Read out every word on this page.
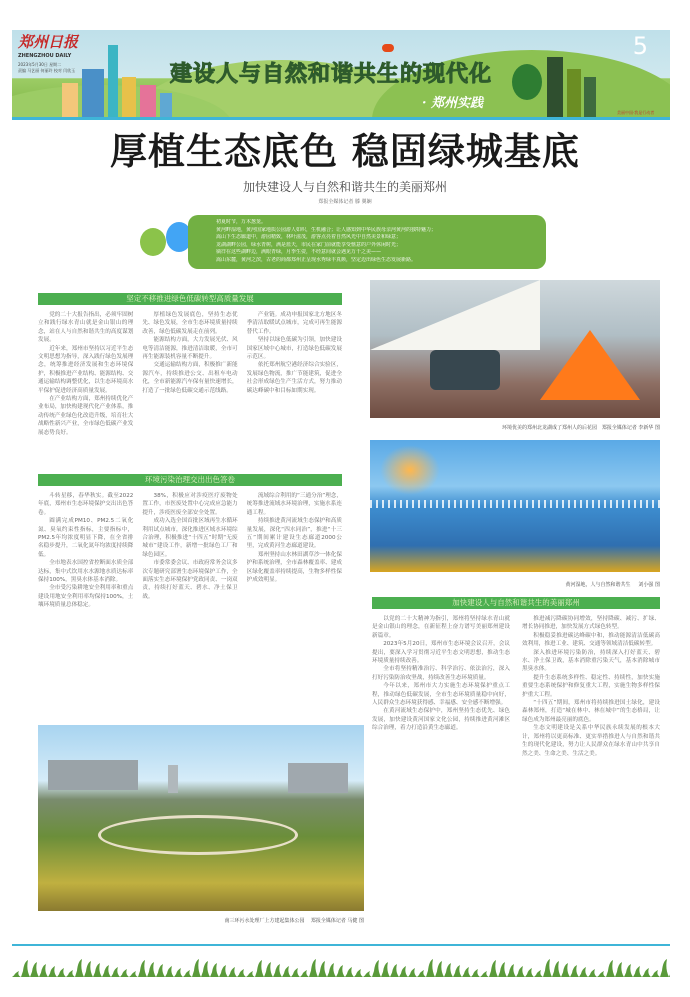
郑州日报
ZHENGZHOU DAILY
2023年5月30日 星期二
责编 马艺丽 何丽玲 校对 闫欣玉
5
建设人与自然和谐共生的现代化
· 郑州实践
美丽中国·我是行动者
厚植生态底色 稳固绿城基底
加快建设人与自然和谐共生的美丽郑州
郑报全媒体记者 滕 翼娴
初夏时节，万木葱茏。
黄河畔湿地，黄河国家地质公园游人如织，生机融合；让人感知到中华民族母亲河黄河的独特魅力；
嵩山下生态廊道中，游园精致，林叶滋茂，游客点亮着自然风光中自然美景和绿意；
龙湖湖畔公园，绿水青树，满是蓝天，市民在家门前就能享受惬意的户外休闲时光；
徜徉在这些湖畔边，满眼青绿，月季生姿，不经意间就会遇见万千之美——
嵩山东麓，黄河之滨，古老的商都郑州正呈现水秀绿丰真颜，坚定迈出绿色生态发展新路。
坚定不移推进绿色低碳转型高质量发展

党的二十大报告指出，必须牢固树立和践行绿水青山就是金山银山的理念，站在人与自然和谐共生的高度谋划发展。

近年来，郑州市坚持以习近平生态文明思想为指导，深入践行绿色发展理念，统筹推进经济发展和生态环境保护，积极推进产业结构、能源结构、交通运输结构调整优化，以生态环境高水平保护促进经济高质量发展。

在产业结构方面，郑州持续优化产业布局，加快构建现代化产业体系，推动传统产业绿色化改造升级，培育壮大战略性新兴产业，全市绿色低碳产业发展态势良好。

厚植绿色发展底色，坚持生态优先、绿色发展，全市生态环境质量持续改善，绿色低碳发展走在前列。

能源结构方面，大力发展光伏、风电等清洁能源，推进清洁取暖，全市可再生能源装机容量不断提升。

交通运输结构方面，积极推广新能源汽车，持续推进公交、出租车电动化，全市新能源汽车保有量快速增长，打造了一批绿色低碳交通示范线路。

产业链。成功申报国家北方地区冬季清洁取暖试点城市，完成可再生能源替代工作。

坚持以绿色低碳为引领，加快建设国家区域中心城市，打造绿色低碳发展示范区。

依托郑州航空港经济综合实验区，发展绿色物流，推广节能建筑，促进全社会形成绿色生产生活方式，努力推动碳达峰碳中和目标如期实现。

环境污染治理交出出色答卷

斗转星移，春华秋实。截至2022年底，郑州市生态环境保护交出出色答卷。

圆满完成PM10、PM2.5二氧化氮、臭氧约束性指标，主要指标中，PM2.5年均浓度明显下降，在全省排名稳步提升，二氧化氮年均浓度持续降低。

全市地表水国控省控断面水质全部达标，集中式饮用水水源地水质达标率保持100%，黑臭水体基本消除。

全市受污染耕地安全利用率和重点建设用地安全利用率均保持100%，土壤环境质量总体稳定。

38%，积极应对涉疫医疗废物处置工作，市医废处置中心完成应急能力提升，涉疫医废全部安全处置。

成功入选全国首批区域再生水循环利用试点城市，深化推进区域水环境综合治理，积极推进“十四五”时期“无废城市”建设工作，新增一批绿色工厂和绿色园区。

市委常委会议、市政府常务会议多次专题研究部署生态环境保护工作，全面落实生态环境保护党政同责、一岗双责，持续打好蓝天、碧水、净土保卫战。

流域综合利用的“三通分治”理念，统筹推进流域水环境治理，实施水系连通工程。

持续推进黄河流域生态保护和高质量发展，深化“四水同治”，推进“十三五”期间累计建设生态廊道2000公里，完成黄河生态廊道建设。

郑州坚持山水林田湖草沙一体化保护和系统治理，全市森林覆盖率、建成区绿化覆盖率持续提高，生物多样性保护成效明显。

环境优美的郑州北龙湖成了郑州人的后花园 郑报全媒体记者 李新华 图
黄河湿地，人与自然和谐共生 刘小强 图
加快建设人与自然和谐共生的美丽郑州

以党的二十大精神为指引，郑州将坚持绿水青山就是金山银山的理念，在新征程上奋力谱写美丽郑州建设新篇章。

2023年5月20日，郑州市生态环境会议召开，会议提出，要深入学习贯彻习近平生态文明思想，推动生态环境质量持续改善。

全市将坚持精准治污、科学治污、依法治污，深入打好污染防治攻坚战，持续改善生态环境质量。

今年以来，郑州市大力实施生态环境保护重点工程，推动绿色低碳发展，全市生态环境质量稳中向好，人民群众生态环境获得感、幸福感、安全感不断增强。

在黄河流域生态保护中，郑州坚持生态优先、绿色发展，加快建设黄河国家文化公园，持续推进黄河滩区综合治理，着力打造沿黄生态廊道。

推进减污降碳协同增效，坚持降碳、减污、扩绿、增长协同推进，加快发展方式绿色转型。

积极稳妥推进碳达峰碳中和，推动能源清洁低碳高效利用，推进工业、建筑、交通等领域清洁低碳转型。

深入推进环境污染防治，持续深入打好蓝天、碧水、净土保卫战，基本消除重污染天气，基本消除城市黑臭水体。

提升生态系统多样性、稳定性、持续性，加快实施重要生态系统保护和修复重大工程，实施生物多样性保护重大工程。

“十四五”期间，郑州市将持续推进国土绿化，建设森林郑州，打造“城在林中、林在城中”的生态格局，让绿色成为郑州最亮丽的底色。

生态文明建设是关系中华民族永续发展的根本大计，郑州将以更高标准、更实举措推进人与自然和谐共生的现代化建设，努力让人民群众在绿水青山中共享自然之美、生命之美、生活之美。

南三环污水处理厂上方建起集体公园 郑报全媒体记者 马健 图
